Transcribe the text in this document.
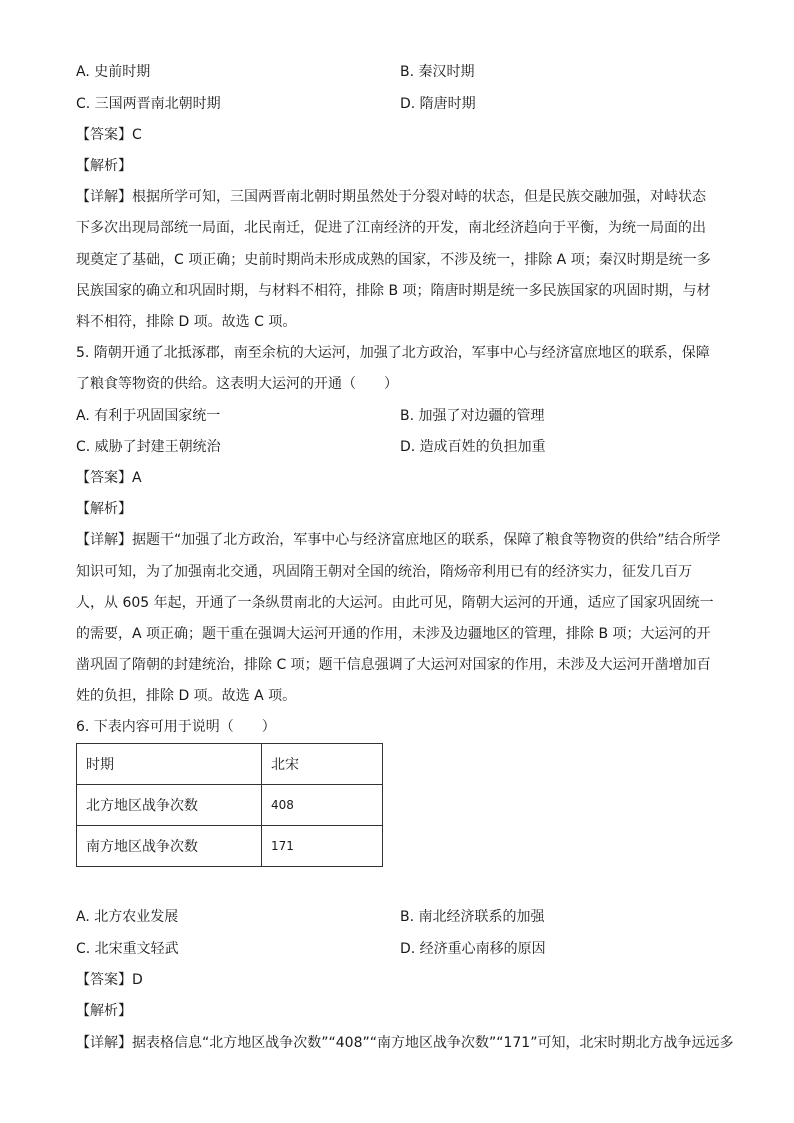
A. 史前时期	B. 秦汉时期
C. 三国两晋南北朝时期	D. 隋唐时期
【答案】C
【解析】
【详解】根据所学可知，三国两晋南北朝时期虽然处于分裂对峙的状态，但是民族交融加强，对峙状态
下多次出现局部统一局面，北民南迁，促进了江南经济的开发，南北经济趋向于平衡，为统一局面的出
现奠定了基础，C 项正确；史前时期尚未形成成熟的国家，不涉及统一，排除 A 项；秦汉时期是统一多
民族国家的确立和巩固时期，与材料不相符，排除 B 项；隋唐时期是统一多民族国家的巩固时期，与材
料不相符，排除 D 项。故选 C 项。
5. 隋朝开通了北抵涿郡，南至余杭的大运河，加强了北方政治，军事中心与经济富庶地区的联系，保障
了粮食等物资的供给。这表明大运河的开通（　　）
A. 有利于巩固国家统一	B. 加强了对边疆的管理
C. 威胁了封建王朝统治	D. 造成百姓的负担加重
【答案】A
【解析】
【详解】据题干“加强了北方政治，军事中心与经济富庶地区的联系，保障了粮食等物资的供给”结合所学
知识可知，为了加强南北交通，巩固隋王朝对全国的统治，隋炀帝利用已有的经济实力，征发几百万
人，从 605 年起，开通了一条纵贯南北的大运河。由此可见，隋朝大运河的开通，适应了国家巩固统一
的需要，A 项正确；题干重在强调大运河开通的作用，未涉及边疆地区的管理，排除 B 项；大运河的开
凿巩固了隋朝的封建统治，排除 C 项；题干信息强调了大运河对国家的作用，未涉及大运河开凿增加百
姓的负担，排除 D 项。故选 A 项。
6. 下表内容可用于说明（　　）
A. 北方农业发展	B. 南北经济联系的加强
C. 北宋重文轻武	D. 经济重心南移的原因
【答案】D
【解析】
【详解】据表格信息“北方地区战争次数”“408”“南方地区战争次数”“171”可知，北宋时期北方战争远远多
时期	北宋
北方地区战争次数	408
南方地区战争次数	171
